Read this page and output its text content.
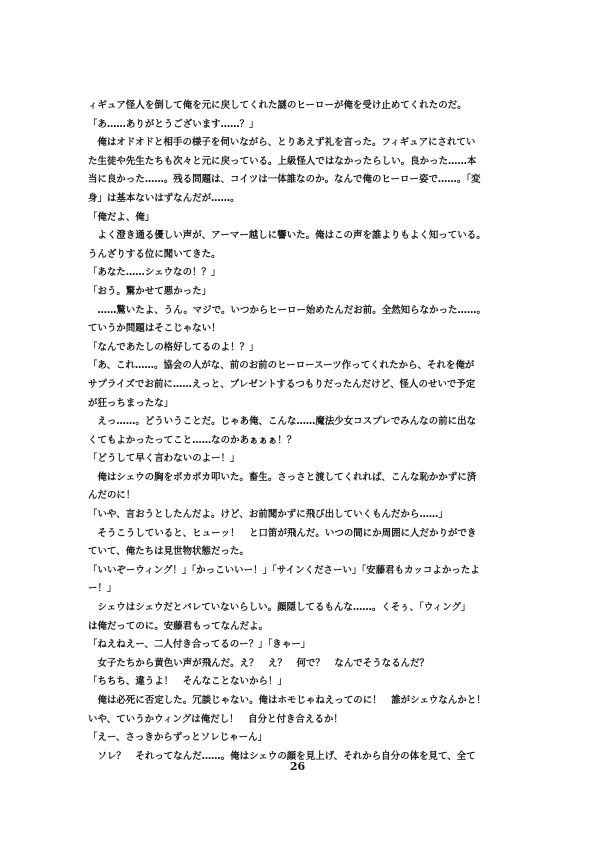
ィギュア怪人を倒して俺を元に戻してくれた謎のヒーローが俺を受け止めてくれたのだ。
「あ……ありがとうございます……？」
　俺はオドオドと相手の様子を伺いながら、とりあえず礼を言った。フィギュアにされてい
た生徒や先生たちも次々と元に戻っている。上級怪人ではなかったらしい。良かった……本
当に良かった……。残る問題は、コイツは一体誰なのか。なんで俺のヒーロー姿で……。「変
身」は基本ないはずなんだが……。
「俺だよ、俺」
　よく澄き通る優しい声が、アーマー越しに響いた。俺はこの声を誰よりもよく知っている。
うんざりする位に聞いてきた。
「あなた……シェウなの！？」
「おう。驚かせて悪かった」
　……驚いたよ、うん。マジで。いつからヒーロー始めたんだお前。全然知らなかった……。
ていうか問題はそこじゃない！
「なんであたしの格好してるのよ！？」
「あ、これ……。協会の人がな、前のお前のヒーロースーツ作ってくれたから、それを俺が
サプライズでお前に……えっと、プレゼントするつもりだったんだけど、怪人のせいで予定
が狂っちまったな」
　えっ……。どういうことだ。じゃあ俺、こんな……魔法少女コスプレでみんなの前に出な
くてもよかったってこと……なのかあぁぁぁ！？
「どうして早く言わないのよー！」
　俺はシェウの胸をポカポカ叩いた。畜生。さっさと渡してくれれば、こんな恥かかずに済
んだのに！
「いや、言おうとしたんだよ。けど、お前聞かずに飛び出していくもんだから……」
　そうこうしていると、ヒューッ！　と口笛が飛んだ。いつの間にか周囲に人だかりができ
ていて、俺たちは見世物状態だった。
「いいぞーウィング！」「かっこいいー！」「サインくださーい」「安藤君もカッコよかったよ
ー！」
　シェウはシェウだとバレていないらしい。顔隠してるもんな……。くそぅ、「ウィング」
は俺だってのに。安藤君もってなんだよ。
「ねえねえー、二人付き合ってるのー？」「きゃー」
　女子たちから黄色い声が飛んだ。え？　え？　何で？　なんでそうなるんだ？
「ちちち、違うよ！　そんなことないから！」
　俺は必死に否定した。冗談じゃない。俺はホモじゃねえってのに！　誰がシェウなんかと！
いや、ていうかウィングは俺だし！　自分と付き合えるか！
「えー、さっきからずっとソレじゃーん」
　ソレ？　それってなんだ……。俺はシェウの顔を見上げ、それから自分の体を見て、全て
26
